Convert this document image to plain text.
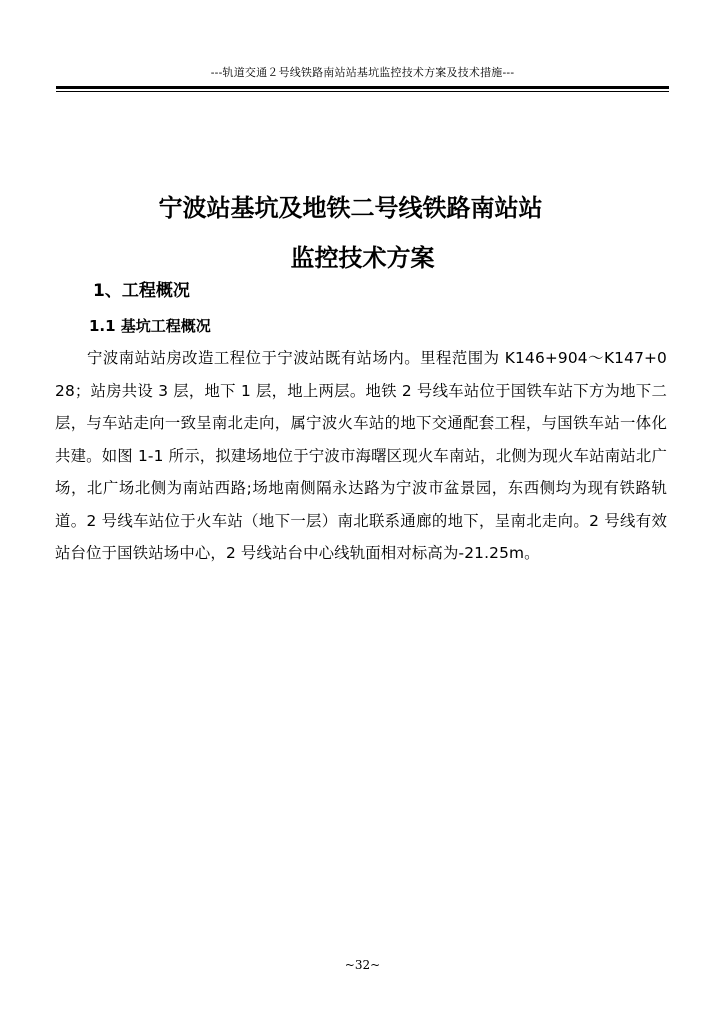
---轨道交通２号线铁路南站站基坑监控技术方案及技术措施---
宁波站基坑及地铁二号线铁路南站站
监控技术方案
1、工程概况
1.1 基坑工程概况
宁波南站站房改造工程位于宁波站既有站场内。里程范围为 K146+904～K147+028；站房共设 3 层，地下 1 层，地上两层。地铁 2 号线车站位于国铁车站下方为地下二层，与车站走向一致呈南北走向，属宁波火车站的地下交通配套工程，与国铁车站一体化共建。如图 1-1 所示，拟建场地位于宁波市海曙区现火车南站，北侧为现火车站南站北广场，北广场北侧为南站西路;场地南侧隔永达路为宁波市盆景园，东西侧均为现有铁路轨道。2 号线车站位于火车站（地下一层）南北联系通廊的地下，呈南北走向。2 号线有效站台位于国铁站场中心，2 号线站台中心线轨面相对标高为-21.25m。
~32~
